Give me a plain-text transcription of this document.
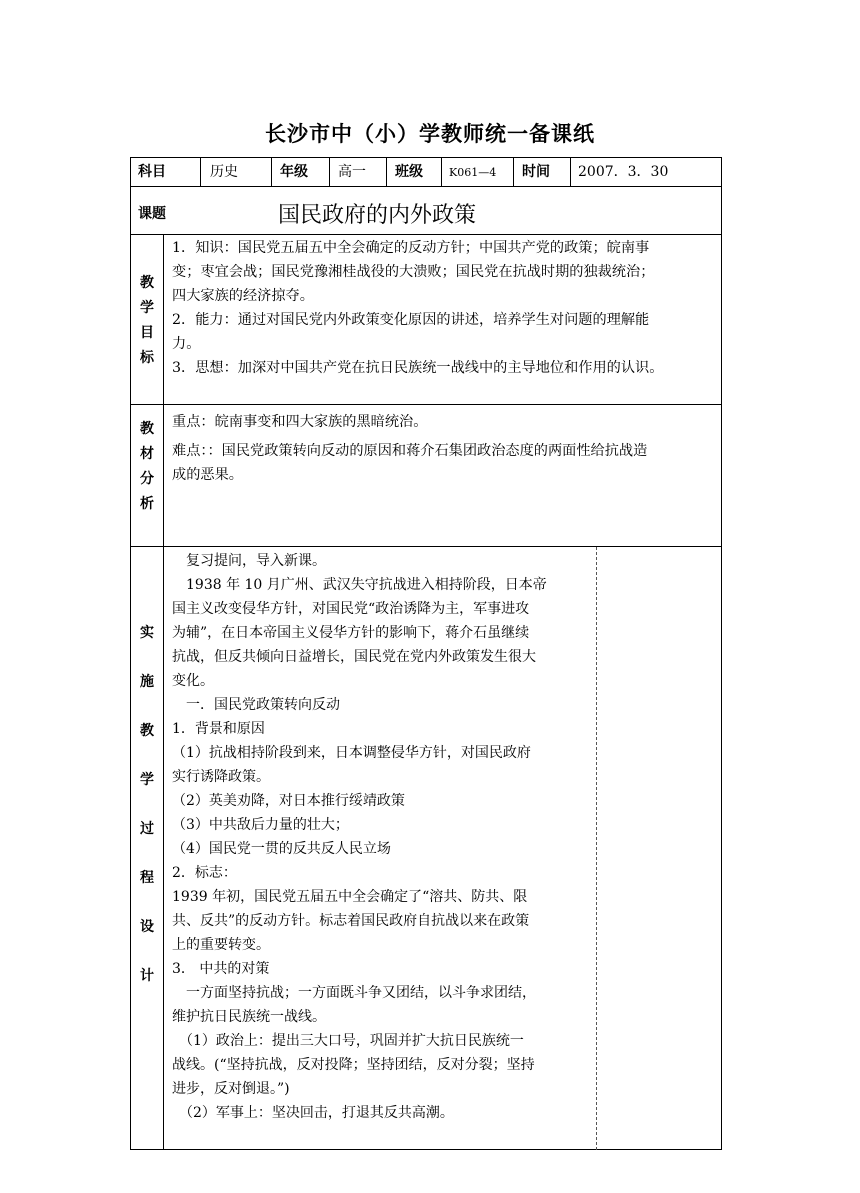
长沙市中（小）学教师统一备课纸
科目	历史	年级 高一 班级 K061—4 时间 2007．3．30
课题	国民政府的内外政策
教
学
目
标

1．知识：国民党五届五中全会确定的反动方针；中国共产党的政策；皖南事

变；枣宜会战；国民党豫湘桂战役的大溃败；国民党在抗战时期的独裁统治；

四大家族的经济掠夺。

2．能力：通过对国民党内外政策变化原因的讲述，培养学生对问题的理解能

力。

3．思想：加深对中国共产党在抗日民族统一战线中的主导地位和作用的认识。

教
材
分
析

重点：皖南事变和四大家族的黑暗统治。

难点：：国民党政策转向反动的原因和蒋介石集团政治态度的两面性给抗战造

成的恶果。

实
施
教
学
过
程
设
计

　复习提问，导入新课。

　1938 年 10 月广州、武汉失守抗战进入相持阶段，日本帝

国主义改变侵华方针，对国民党“政治诱降为主，军事进攻

为辅”，在日本帝国主义侵华方针的影响下，蒋介石虽继续

抗战，但反共倾向日益增长，国民党在党内外政策发生很大

变化。

　一．国民党政策转向反动

1．背景和原因

（1）抗战相持阶段到来，日本调整侵华方针，对国民政府

实行诱降政策。

（2）英美劝降，对日本推行绥靖政策

（3）中共敌后力量的壮大；

（4）国民党一贯的反共反人民立场

2．标志：

1939 年初，国民党五届五中全会确定了“溶共、防共、限

共、反共”的反动方针。标志着国民政府自抗战以来在政策

上的重要转变。

3． 中共的对策

　一方面坚持抗战；一方面既斗争又团结，以斗争求团结，

维护抗日民族统一战线。

　（1）政治上：提出三大口号，巩固并扩大抗日民族统一

战线。(“坚持抗战，反对投降；坚持团结，反对分裂；坚持

进步，反对倒退。”)

　（2）军事上：坚决回击，打退其反共高潮。
